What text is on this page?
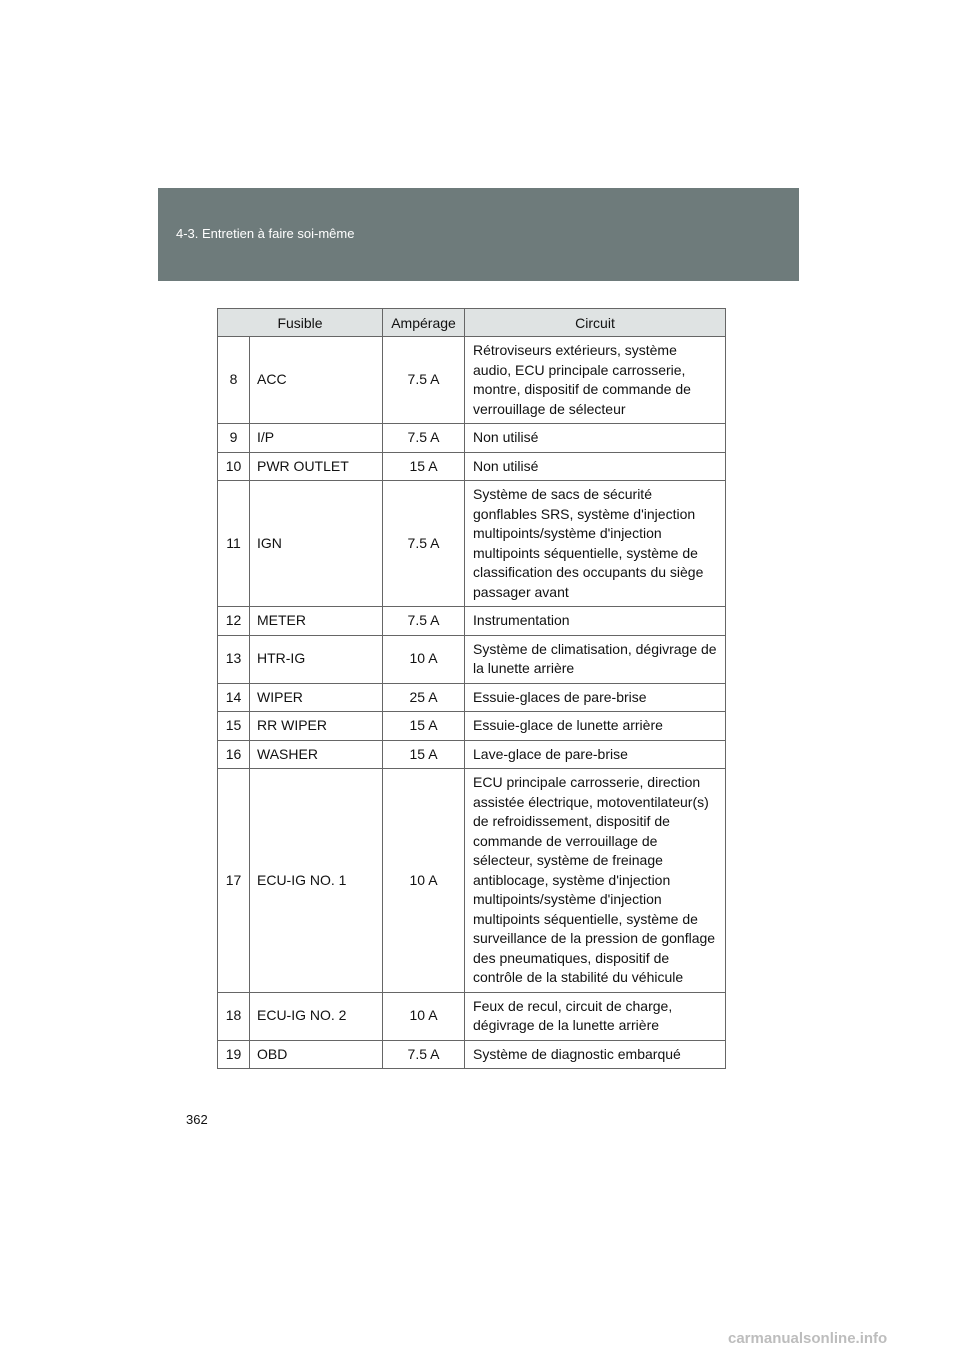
4-3. Entretien à faire soi-même
Fusible		Ampérage	Circuit
8	ACC	7.5 A	Rétroviseurs extérieurs, système audio, ECU principale carrosserie, montre, dispositif de commande de verrouillage de sélecteur
9	I/P	7.5 A	Non utilisé
10	PWR OUTLET	15 A	Non utilisé
11	IGN	7.5 A	Système de sacs de sécurité gonflables SRS, système d'injection multipoints/système d'injection multipoints séquentielle, système de classification des occupants du siège passager avant
12	METER	7.5 A	Instrumentation
13	HTR-IG	10 A	Système de climatisation, dégivrage de la lunette arrière
14	WIPER	25 A	Essuie-glaces de pare-brise
15	RR WIPER	15 A	Essuie-glace de lunette arrière
16	WASHER	15 A	Lave-glace de pare-brise
17	ECU-IG NO. 1	10 A	ECU principale carrosserie, direction assistée électrique, motoventilateur(s) de refroidissement, dispositif de commande de verrouillage de sélecteur, système de freinage antiblocage, système d'injection multipoints/système d'injection multipoints séquentielle, système de surveillance de la pression de gonflage des pneumatiques, dispositif de contrôle de la stabilité du véhicule
18	ECU-IG NO. 2	10 A	Feux de recul, circuit de charge, dégivrage de la lunette arrière
19	OBD	7.5 A	Système de diagnostic embarqué
362
carmanualsonline.info
